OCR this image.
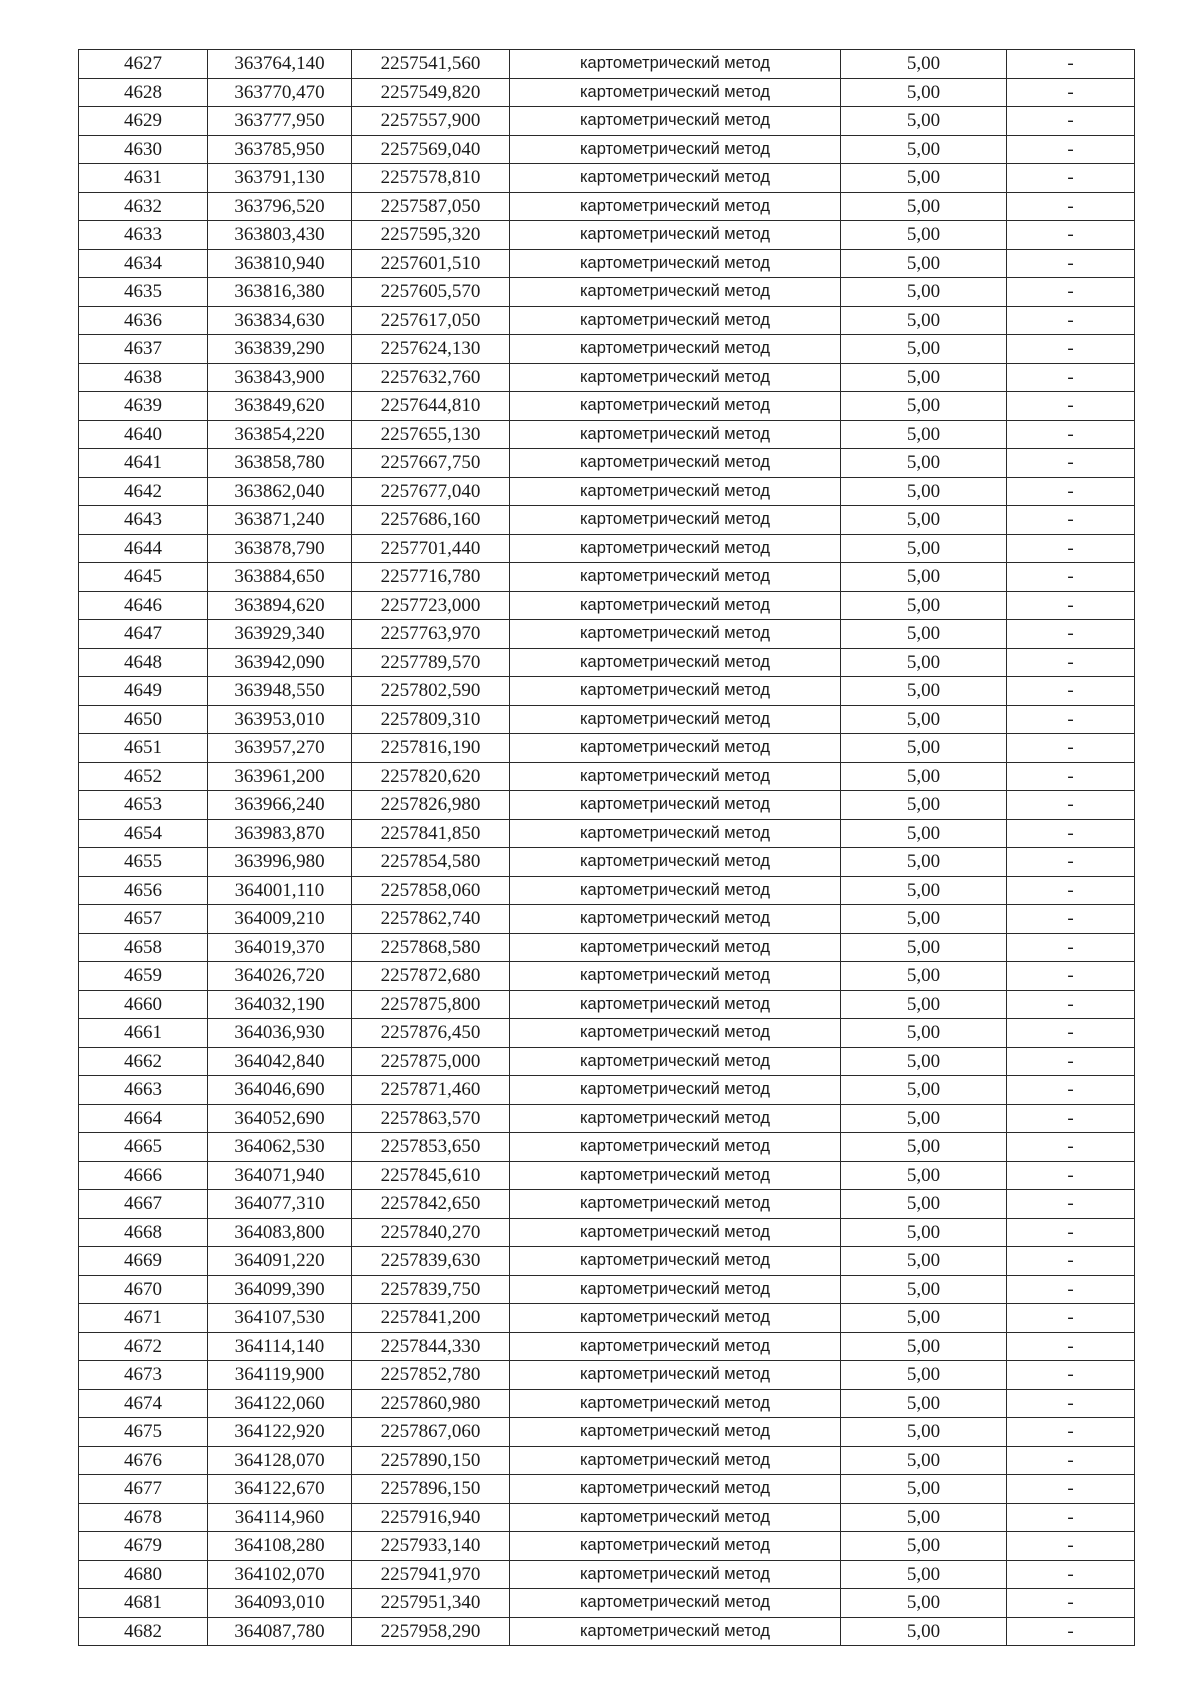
4627	363764,140	2257541,560	картометрический метод	5,00	-
4628	363770,470	2257549,820	картометрический метод	5,00	-
4629	363777,950	2257557,900	картометрический метод	5,00	-
4630	363785,950	2257569,040	картометрический метод	5,00	-
4631	363791,130	2257578,810	картометрический метод	5,00	-
4632	363796,520	2257587,050	картометрический метод	5,00	-
4633	363803,430	2257595,320	картометрический метод	5,00	-
4634	363810,940	2257601,510	картометрический метод	5,00	-
4635	363816,380	2257605,570	картометрический метод	5,00	-
4636	363834,630	2257617,050	картометрический метод	5,00	-
4637	363839,290	2257624,130	картометрический метод	5,00	-
4638	363843,900	2257632,760	картометрический метод	5,00	-
4639	363849,620	2257644,810	картометрический метод	5,00	-
4640	363854,220	2257655,130	картометрический метод	5,00	-
4641	363858,780	2257667,750	картометрический метод	5,00	-
4642	363862,040	2257677,040	картометрический метод	5,00	-
4643	363871,240	2257686,160	картометрический метод	5,00	-
4644	363878,790	2257701,440	картометрический метод	5,00	-
4645	363884,650	2257716,780	картометрический метод	5,00	-
4646	363894,620	2257723,000	картометрический метод	5,00	-
4647	363929,340	2257763,970	картометрический метод	5,00	-
4648	363942,090	2257789,570	картометрический метод	5,00	-
4649	363948,550	2257802,590	картометрический метод	5,00	-
4650	363953,010	2257809,310	картометрический метод	5,00	-
4651	363957,270	2257816,190	картометрический метод	5,00	-
4652	363961,200	2257820,620	картометрический метод	5,00	-
4653	363966,240	2257826,980	картометрический метод	5,00	-
4654	363983,870	2257841,850	картометрический метод	5,00	-
4655	363996,980	2257854,580	картометрический метод	5,00	-
4656	364001,110	2257858,060	картометрический метод	5,00	-
4657	364009,210	2257862,740	картометрический метод	5,00	-
4658	364019,370	2257868,580	картометрический метод	5,00	-
4659	364026,720	2257872,680	картометрический метод	5,00	-
4660	364032,190	2257875,800	картометрический метод	5,00	-
4661	364036,930	2257876,450	картометрический метод	5,00	-
4662	364042,840	2257875,000	картометрический метод	5,00	-
4663	364046,690	2257871,460	картометрический метод	5,00	-
4664	364052,690	2257863,570	картометрический метод	5,00	-
4665	364062,530	2257853,650	картометрический метод	5,00	-
4666	364071,940	2257845,610	картометрический метод	5,00	-
4667	364077,310	2257842,650	картометрический метод	5,00	-
4668	364083,800	2257840,270	картометрический метод	5,00	-
4669	364091,220	2257839,630	картометрический метод	5,00	-
4670	364099,390	2257839,750	картометрический метод	5,00	-
4671	364107,530	2257841,200	картометрический метод	5,00	-
4672	364114,140	2257844,330	картометрический метод	5,00	-
4673	364119,900	2257852,780	картометрический метод	5,00	-
4674	364122,060	2257860,980	картометрический метод	5,00	-
4675	364122,920	2257867,060	картометрический метод	5,00	-
4676	364128,070	2257890,150	картометрический метод	5,00	-
4677	364122,670	2257896,150	картометрический метод	5,00	-
4678	364114,960	2257916,940	картометрический метод	5,00	-
4679	364108,280	2257933,140	картометрический метод	5,00	-
4680	364102,070	2257941,970	картометрический метод	5,00	-
4681	364093,010	2257951,340	картометрический метод	5,00	-
4682	364087,780	2257958,290	картометрический метод	5,00	-
